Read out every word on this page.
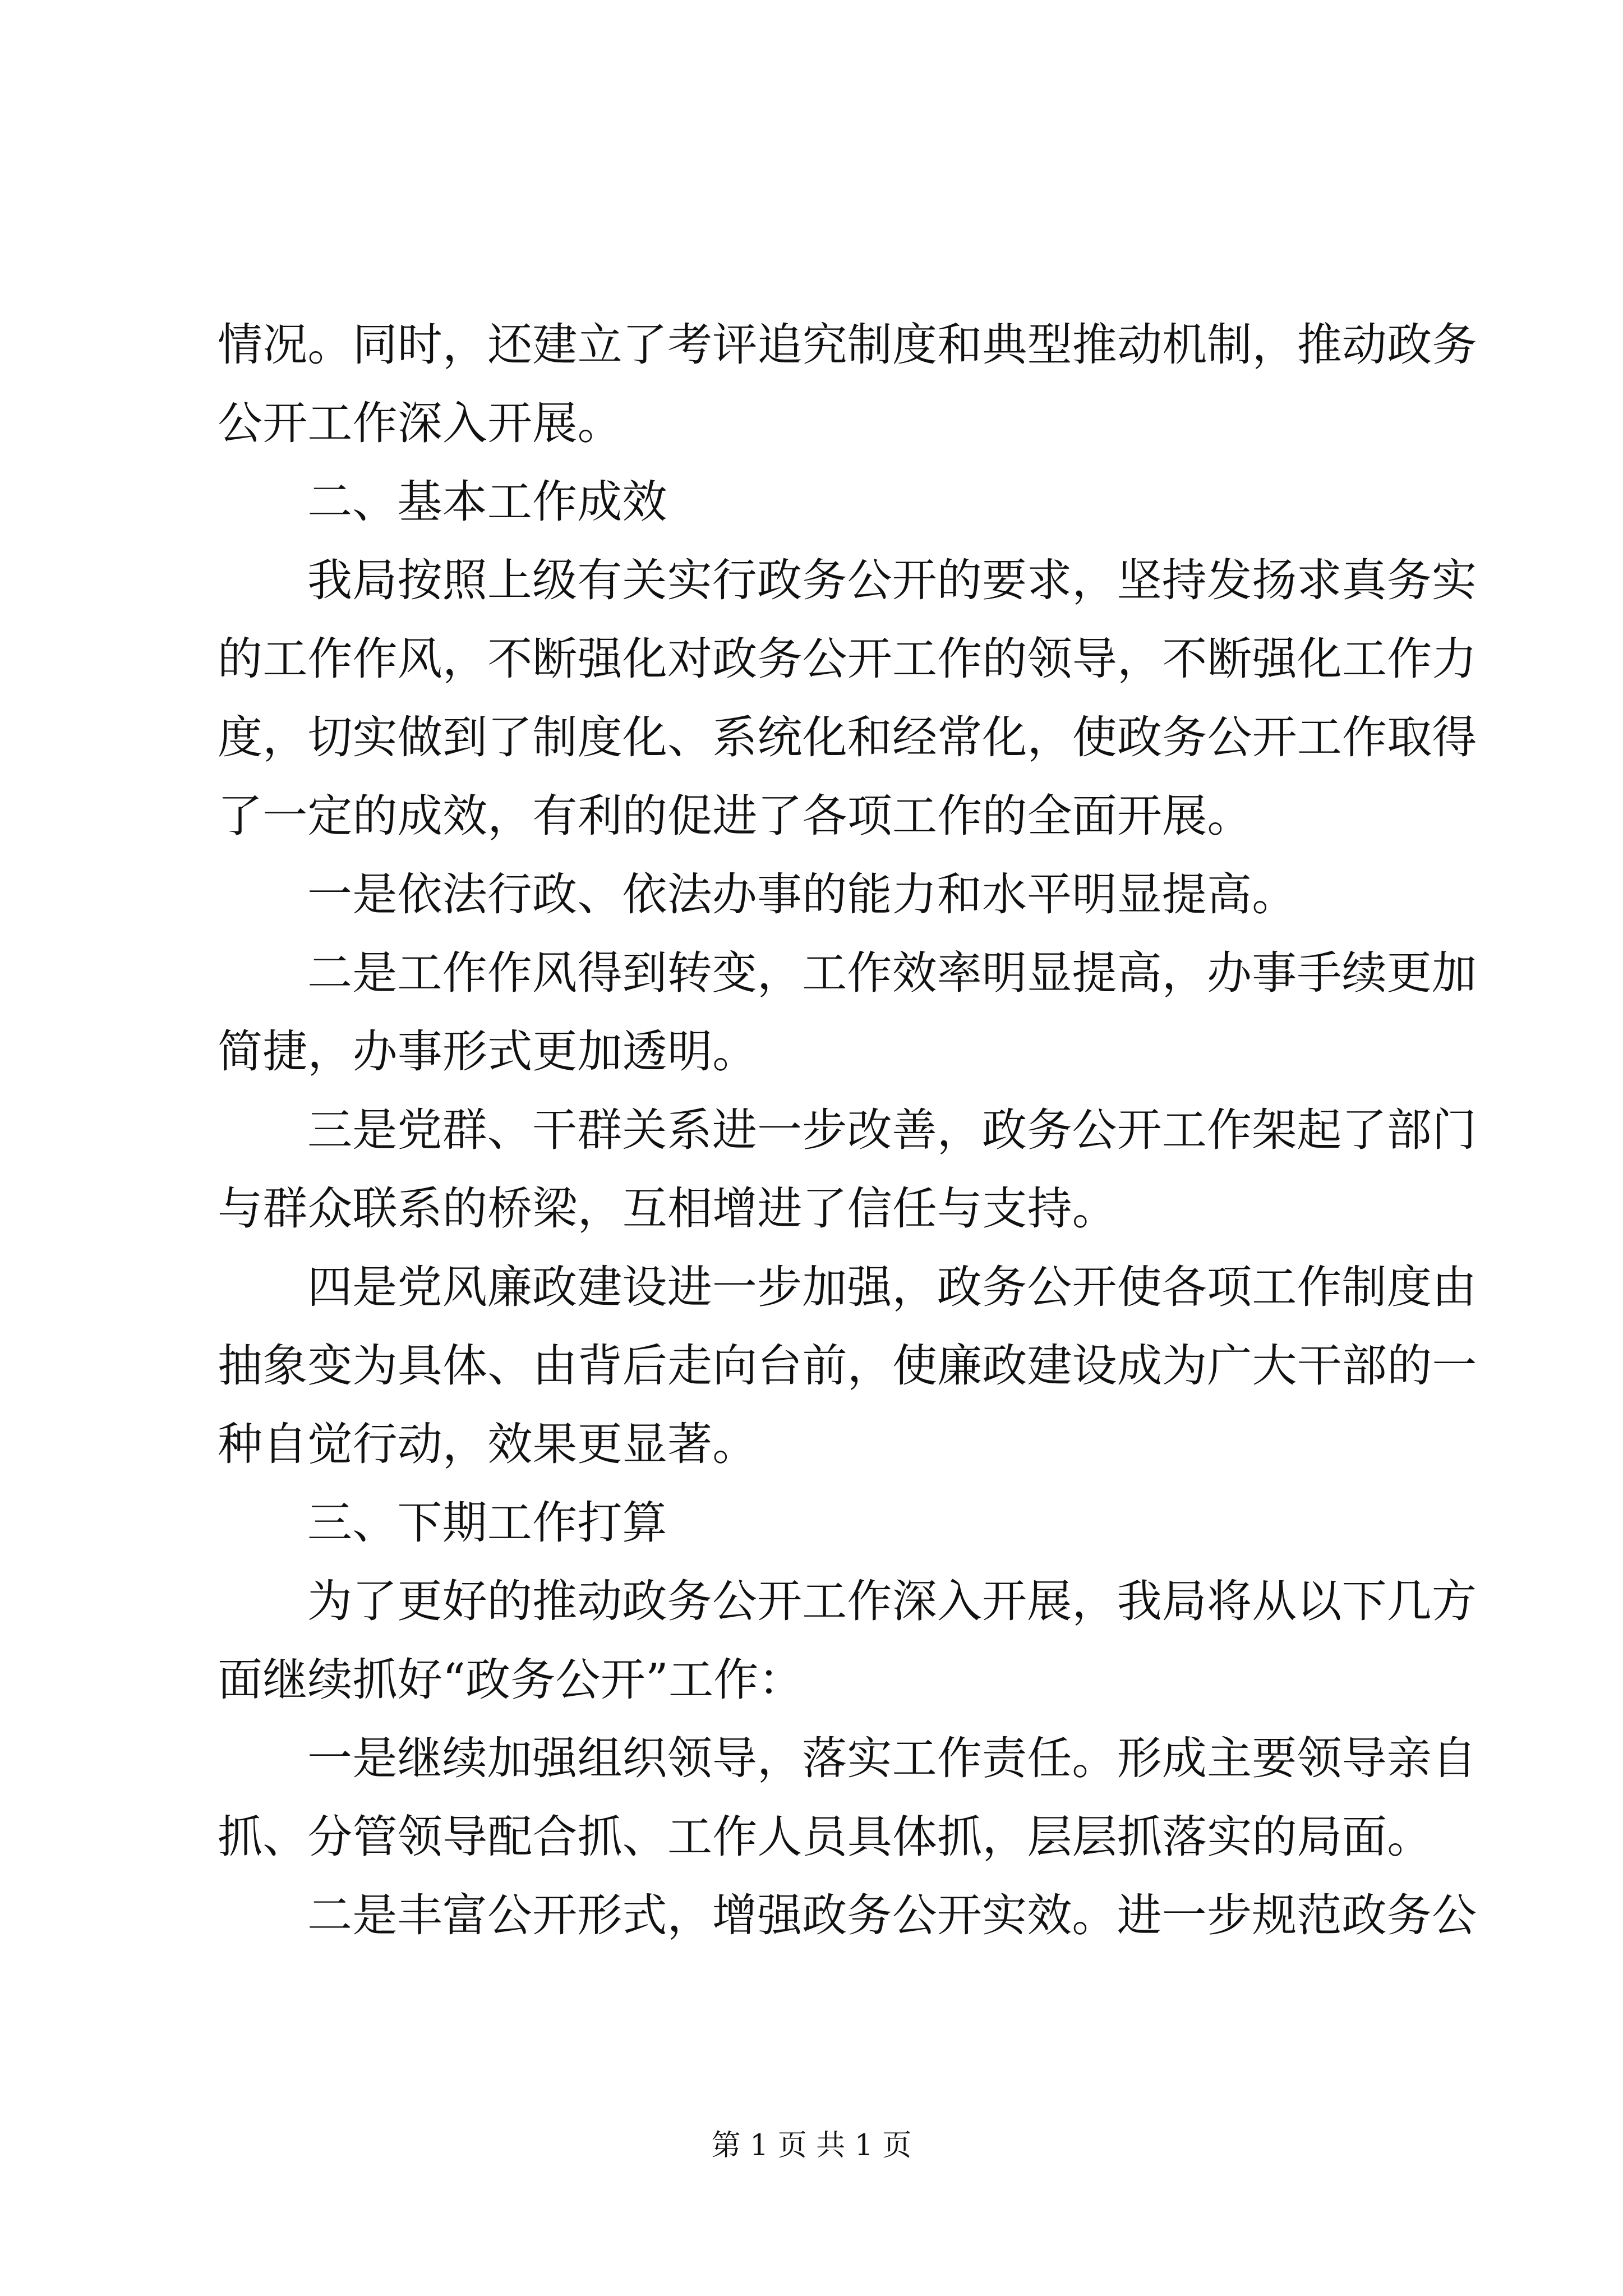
情况。同时，还建立了考评追究制度和典型推动机制，推动政务
公开工作深入开展。
二、基本工作成效
我局按照上级有关实行政务公开的要求，坚持发扬求真务实
的工作作风，不断强化对政务公开工作的领导，不断强化工作力
度，切实做到了制度化、系统化和经常化，使政务公开工作取得
了一定的成效，有利的促进了各项工作的全面开展。
一是依法行政、依法办事的能力和水平明显提高。
二是工作作风得到转变，工作效率明显提高，办事手续更加
简捷，办事形式更加透明。
三是党群、干群关系进一步改善，政务公开工作架起了部门
与群众联系的桥梁，互相增进了信任与支持。
四是党风廉政建设进一步加强，政务公开使各项工作制度由
抽象变为具体、由背后走向台前，使廉政建设成为广大干部的一
种自觉行动，效果更显著。
三、下期工作打算
为了更好的推动政务公开工作深入开展，我局将从以下几方
面继续抓好“政务公开”工作：
一是继续加强组织领导，落实工作责任。形成主要领导亲自
抓、分管领导配合抓、工作人员具体抓，层层抓落实的局面。
二是丰富公开形式，增强政务公开实效。进一步规范政务公
第 1 页 共 1 页
